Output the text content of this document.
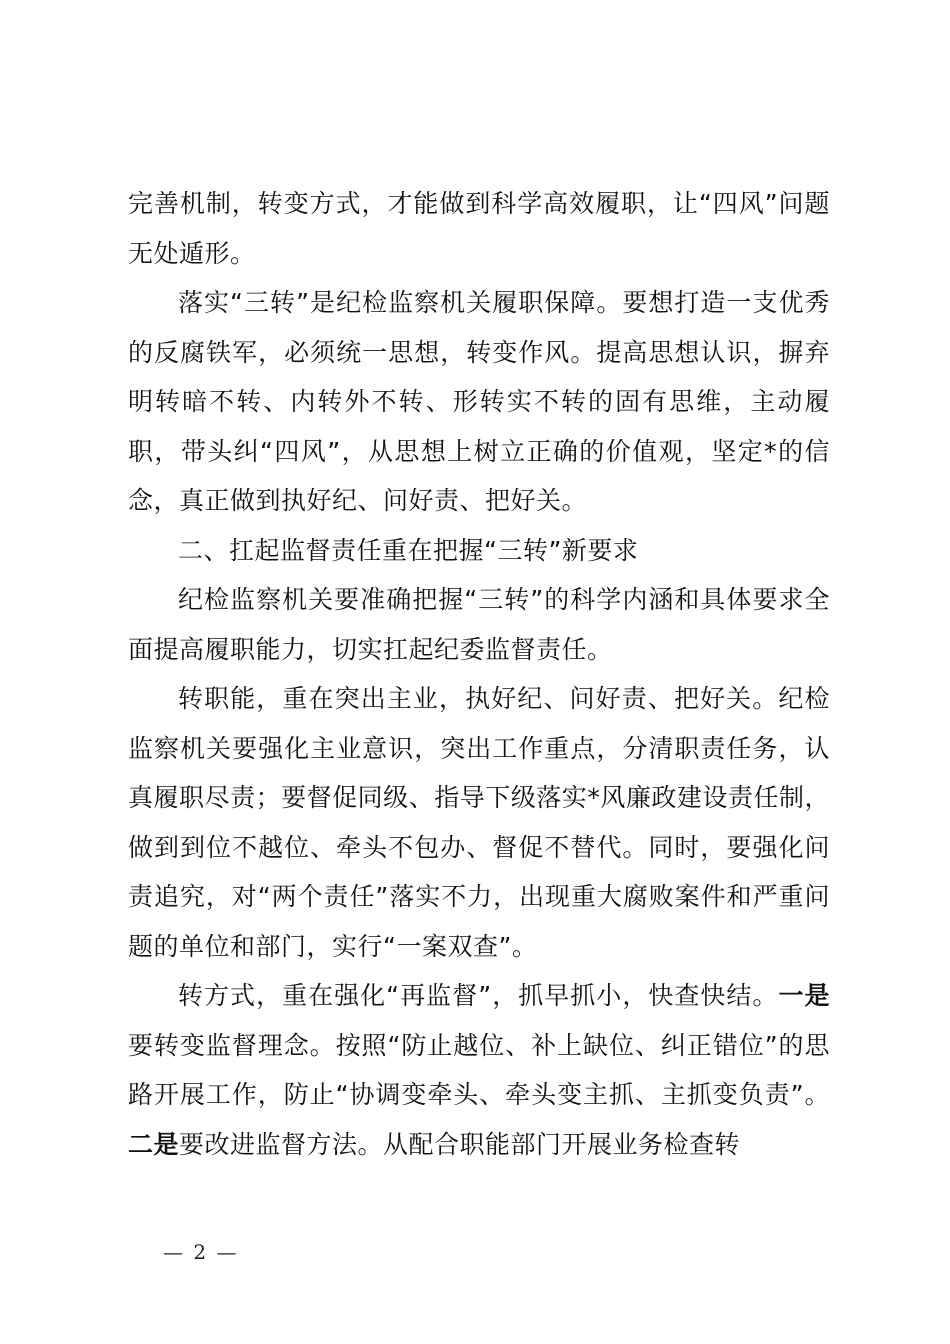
完善机制，转变方式，才能做到科学高效履职，让“四风”问题无处遁形。

落实“三转”是纪检监察机关履职保障。要想打造一支优秀的反腐铁军，必须统一思想，转变作风。提高思想认识，摒弃明转暗不转、内转外不转、形转实不转的固有思维，主动履职，带头纠“四风”，从思想上树立正确的价值观，坚定*的信念，真正做到执好纪、问好责、把好关。

二、扛起监督责任重在把握“三转”新要求

纪检监察机关要准确把握“三转”的科学内涵和具体要求全面提高履职能力，切实扛起纪委监督责任。

转职能，重在突出主业，执好纪、问好责、把好关。纪检监察机关要强化主业意识，突出工作重点，分清职责任务，认真履职尽责；要督促同级、指导下级落实*风廉政建设责任制，做到到位不越位、牵头不包办、督促不替代。同时，要强化问责追究，对“两个责任”落实不力，出现重大腐败案件和严重问题的单位和部门，实行“一案双查”。

转方式，重在强化“再监督”，抓早抓小，快查快结。一是要转变监督理念。按照“防止越位、补上缺位、纠正错位”的思路开展工作，防止“协调变牵头、牵头变主抓、主抓变负责”。二是要改进监督方法。从配合职能部门开展业务检查转

— 2 —
